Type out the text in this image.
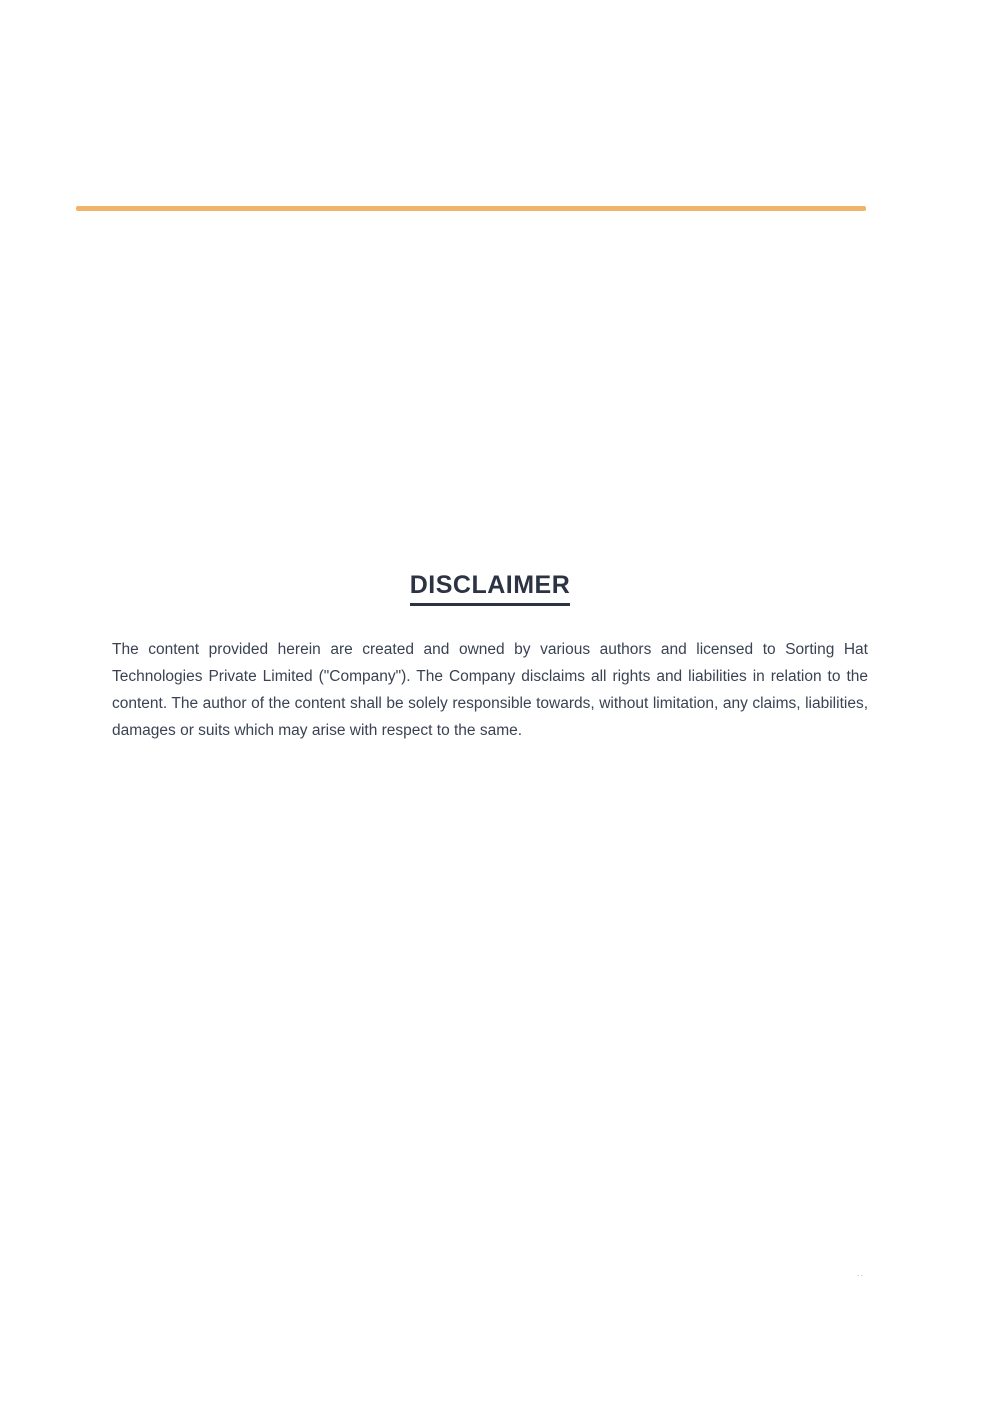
DISCLAIMER

The content provided herein are created and owned by various authors and licensed to Sorting Hat Technologies Private Limited ("Company"). The Company disclaims all rights and liabilities in relation to the content. The author of the content shall be solely responsible towards, without limitation, any claims, liabilities, damages or suits which may arise with respect to the same.

..
